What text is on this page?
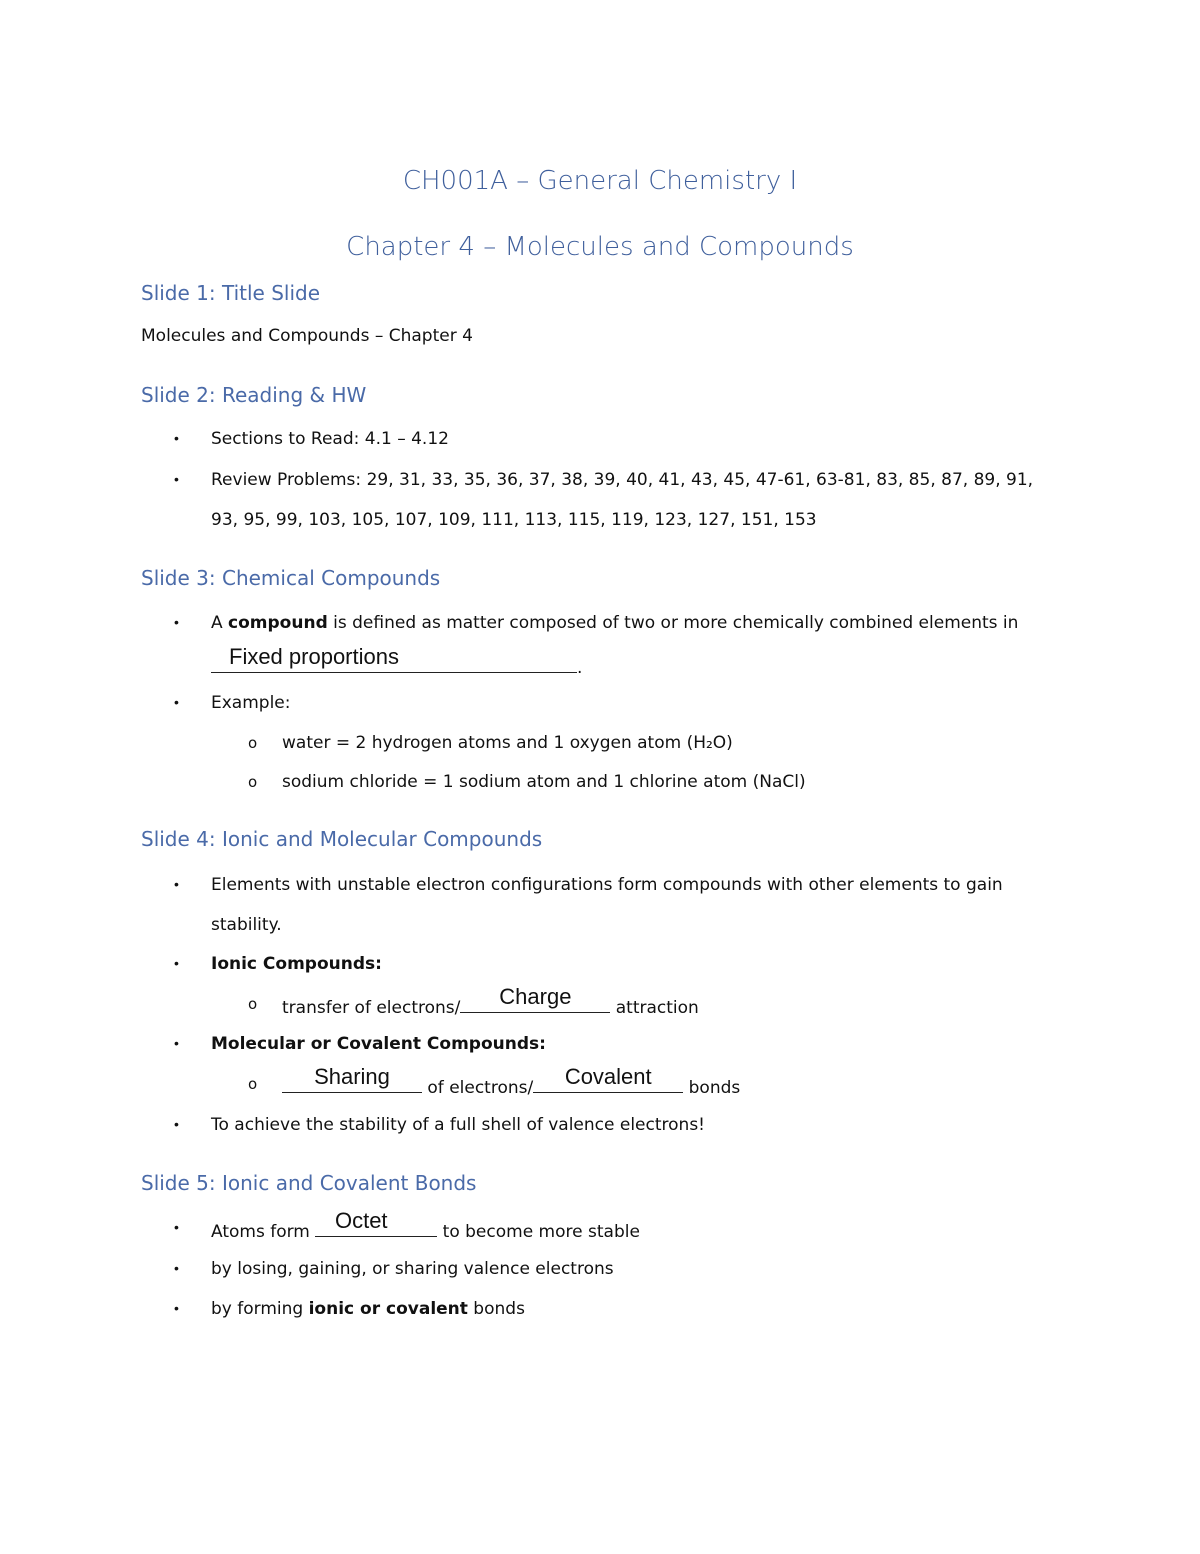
CH001A – General Chemistry I
Chapter 4 – Molecules and Compounds
Slide 1: Title Slide
Molecules and Compounds – Chapter 4
Slide 2: Reading & HW
• Sections to Read: 4.1 – 4.12
• Review Problems: 29, 31, 33, 35, 36, 37, 38, 39, 40, 41, 43, 45, 47-61, 63-81, 83, 85, 87, 89, 91,
93, 95, 99, 103, 105, 107, 109, 111, 113, 115, 119, 123, 127, 151, 153
Slide 3: Chemical Compounds
• A compound is defined as matter composed of two or more chemically combined elements in
Fixed proportions	.
• Example:
o water = 2 hydrogen atoms and 1 oxygen atom (H₂O)
o sodium chloride = 1 sodium atom and 1 chlorine atom (NaCl)
Slide 4: Ionic and Molecular Compounds
• Elements with unstable electron configurations form compounds with other elements to gain
stability.
• Ionic Compounds:
o transfer of electrons/	Charge	attraction
• Molecular or Covalent Compounds:
o	Sharing	of electrons/	Covalent	bonds
• To achieve the stability of a full shell of valence electrons!
Slide 5: Ionic and Covalent Bonds
• Atoms form Octet	to become more stable
• by losing, gaining, or sharing valence electrons
• by forming ionic or covalent bonds
